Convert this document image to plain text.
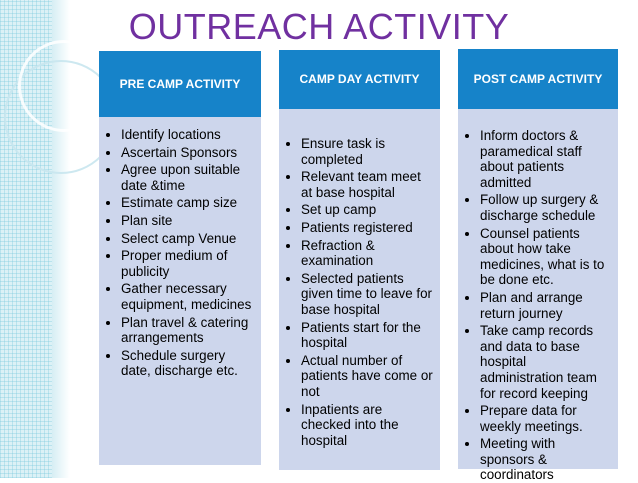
OUTREACH ACTIVITY
PRE CAMP ACTIVITY
• Identify locations
• Ascertain Sponsors
• Agree upon suitable date &time
• Estimate camp size
• Plan site
• Select camp Venue
• Proper medium of publicity
• Gather necessary equipment, medicines
• Plan travel & catering arrangements
• Schedule surgery date, discharge etc.
CAMP DAY ACTIVITY
• Ensure task is completed
• Relevant team meet at base hospital
• Set up camp
• Patients registered
• Refraction & examination
• Selected patients given time to leave for base hospital
• Patients start for the hospital
• Actual number of patients have come or not
• Inpatients are checked into the hospital
POST CAMP ACTIVITY
• Inform doctors & paramedical staff about patients admitted
• Follow up surgery & discharge schedule
• Counsel patients about how take medicines, what is to be done etc.
• Plan and arrange return journey
• Take camp records and data to base hospital administration team for record keeping
• Prepare data for weekly meetings.
• Meeting with sponsors & coordinators
